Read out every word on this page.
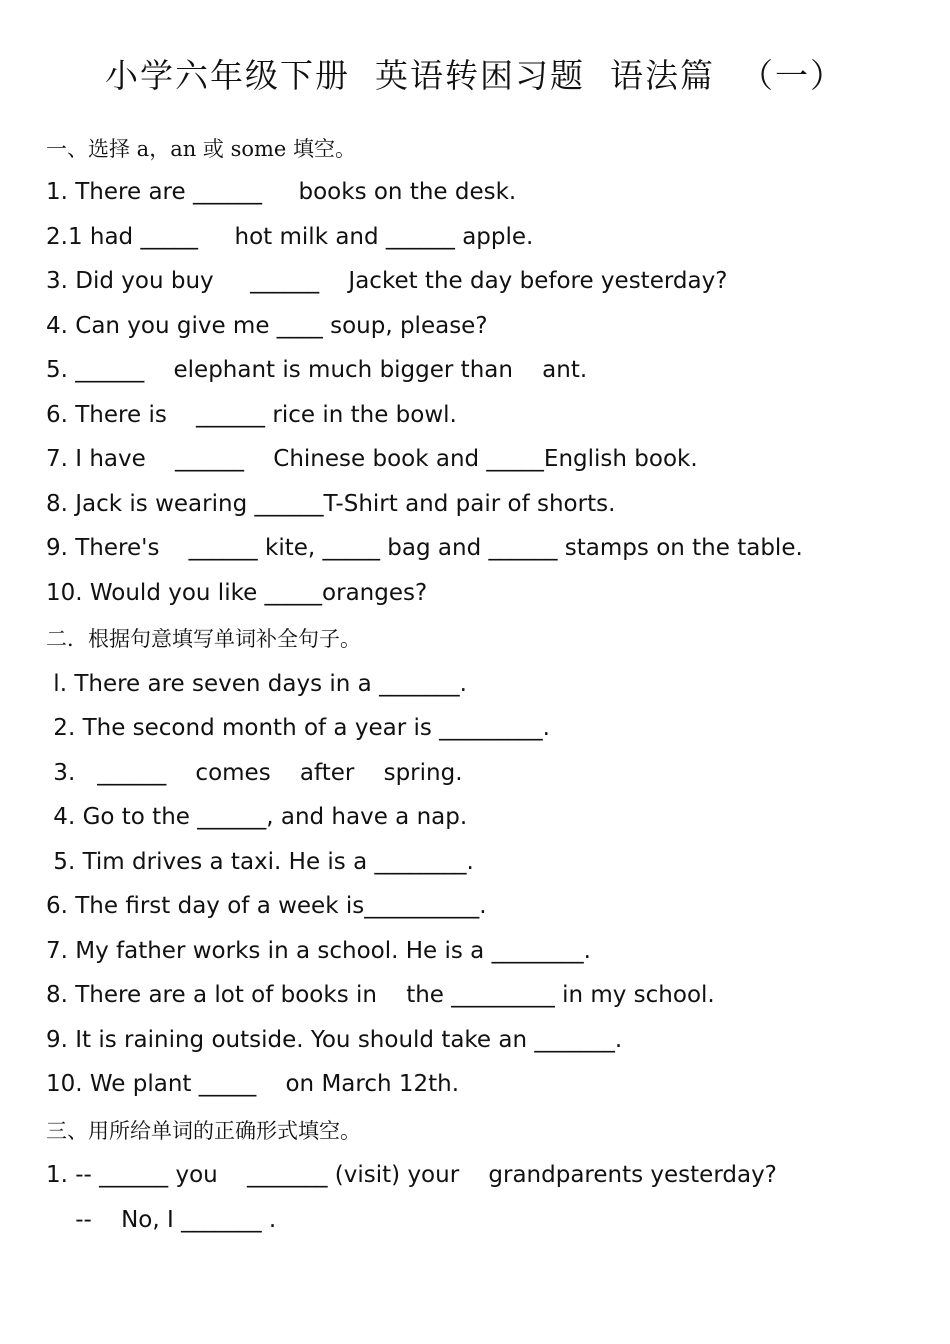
小学六年级下册  英语转困习题  语法篇  （一）
一、选择 a，an 或 some 填空。
1. There are ______     books on the desk.
2.1 had _____     hot milk and ______ apple.
3. Did you buy     ______    Jacket the day before yesterday?
4. Can you give me ____ soup, please?
5. ______    elephant is much bigger than    ant.
6. There is    ______ rice in the bowl.
7. I have    ______    Chinese book and _____English book.
8. Jack is wearing ______T-Shirt and pair of shorts.
9. There's    ______ kite, _____ bag and ______ stamps on the table.
10. Would you like _____oranges?
二．根据句意填写单词补全句子。
l. There are seven days in a _______.
2. The second month of a year is _________.
3.   ______    comes    after    spring.
4. Go to the ______, and have a nap.
5. Tim drives a taxi. He is a ________.
6. The first day of a week is__________.
7. My father works in a school. He is a ________.
8. There are a lot of books in    the _________ in my school.
9. It is raining outside. You should take an _______.
10. We plant _____    on March 12th.
三、用所给单词的正确形式填空。
1. -- ______ you    _______ (visit) your    grandparents yesterday?
--    No, I _______ .
